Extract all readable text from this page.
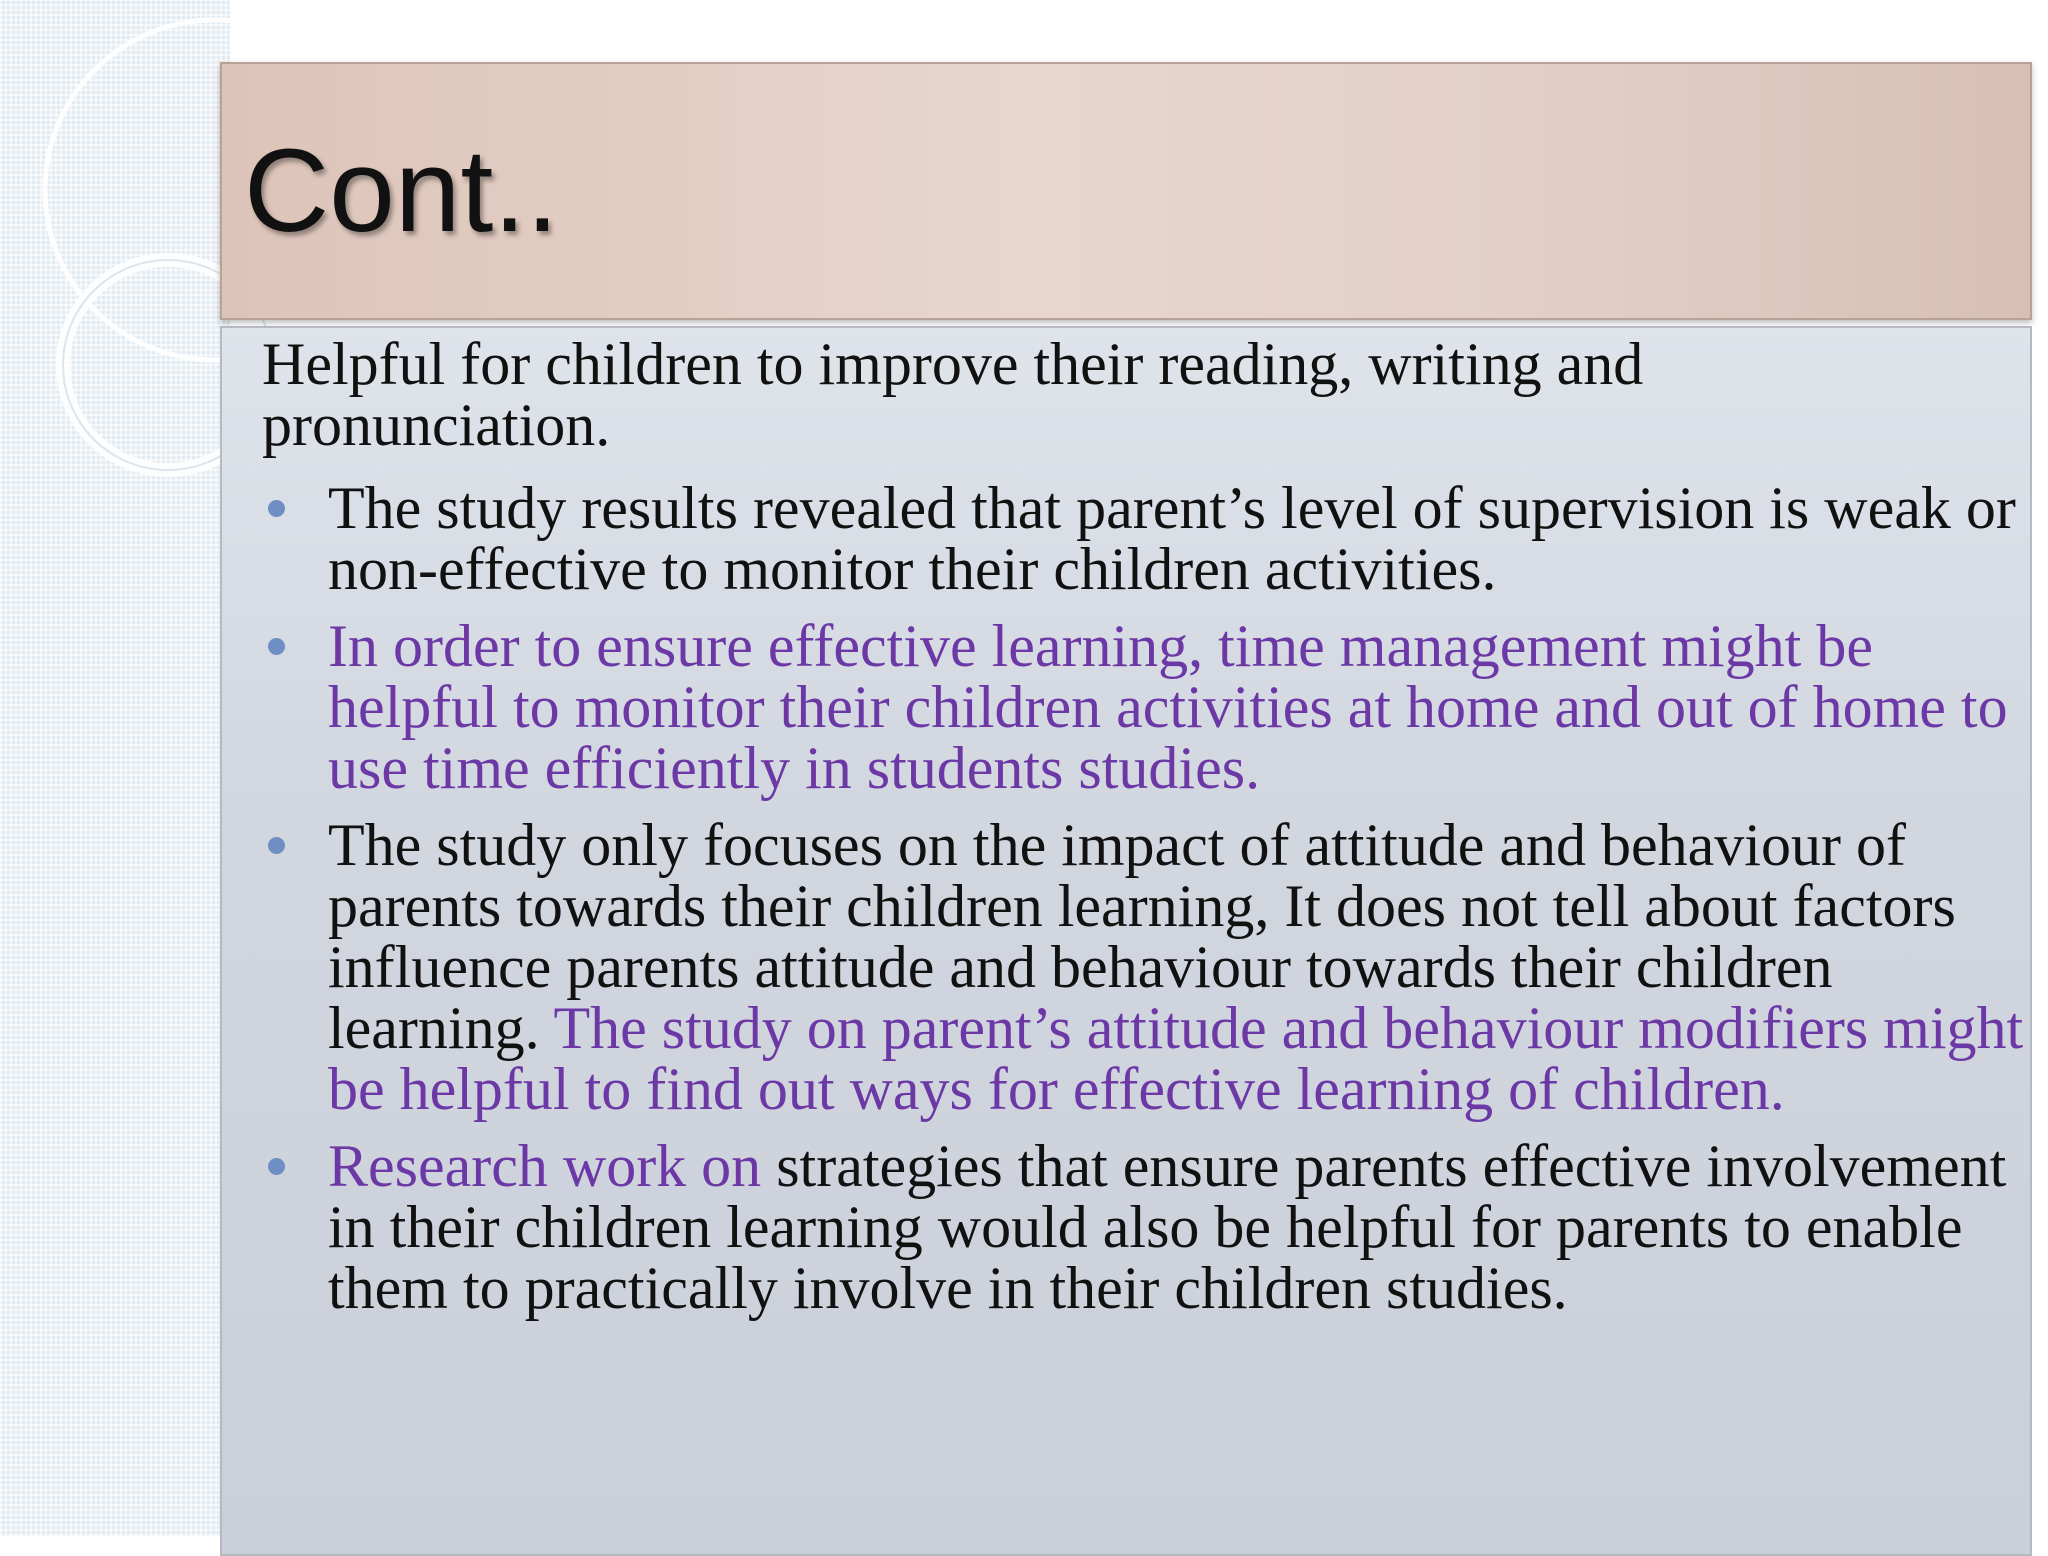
Cont..

Helpful for children to improve their reading, writing and pronunciation.

The study results revealed that parent’s level of supervision is weak or non-effective to monitor their children activities.
In order to ensure effective learning, time management might be helpful to monitor their children activities at home and out of home to use time efficiently in students studies.
The study only focuses on the impact of attitude and behaviour of parents towards their children learning, It does not tell about factors influence parents attitude and behaviour towards their children learning. The study on parent’s attitude and behaviour modifiers might be helpful to find out ways for effective learning of children.
Research work on strategies that ensure parents effective involvement in their children learning would also be helpful for parents to enable them to practically involve in their children studies.
